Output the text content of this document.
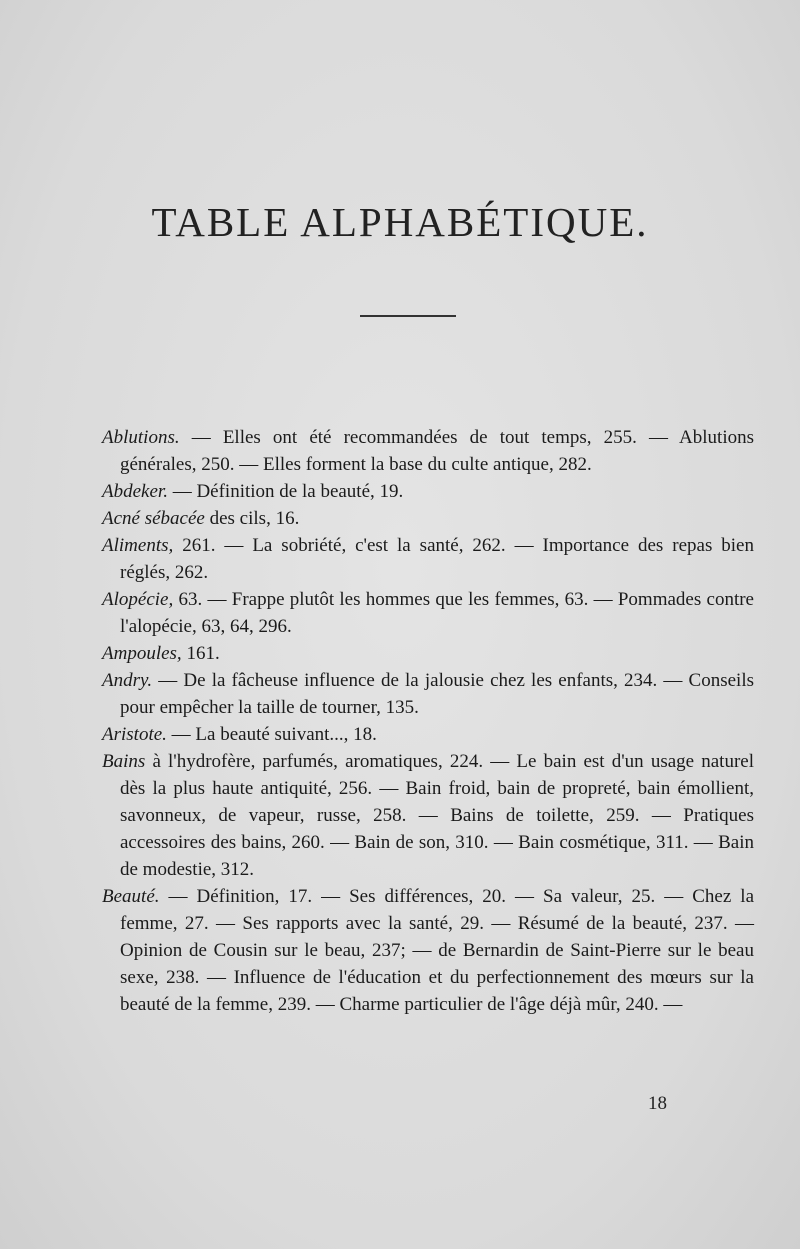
TABLE ALPHABÉTIQUE.
Ablutions. — Elles ont été recommandées de tout temps, 255. — Ablutions générales, 250. — Elles forment la base du culte antique, 282.
Abdeker. — Définition de la beauté, 19.
Acné sébacée des cils, 16.
Aliments, 261. — La sobriété, c'est la santé, 262. — Importance des repas bien réglés, 262.
Alopécie, 63. — Frappe plutôt les hommes que les femmes, 63. — Pommades contre l'alopécie, 63, 64, 296.
Ampoules, 161.
Andry. — De la fâcheuse influence de la jalousie chez les enfants, 234. — Conseils pour empêcher la taille de tourner, 135.
Aristote. — La beauté suivant..., 18.
Bains à l'hydrofère, parfumés, aromatiques, 224. — Le bain est d'un usage naturel dès la plus haute antiquité, 256. — Bain froid, bain de propreté, bain émollient, savonneux, de vapeur, russe, 258. — Bains de toilette, 259. — Pratiques accessoires des bains, 260. — Bain de son, 310. — Bain cosmétique, 311. — Bain de modestie, 312.
Beauté. — Définition, 17. — Ses différences, 20. — Sa valeur, 25. — Chez la femme, 27. — Ses rapports avec la santé, 29. — Résumé de la beauté, 237. — Opinion de Cousin sur le beau, 237; — de Bernardin de Saint-Pierre sur le beau sexe, 238. — Influence de l'éducation et du perfectionnement des mœurs sur la beauté de la femme, 239. — Charme particulier de l'âge déjà mûr, 240. —
18
